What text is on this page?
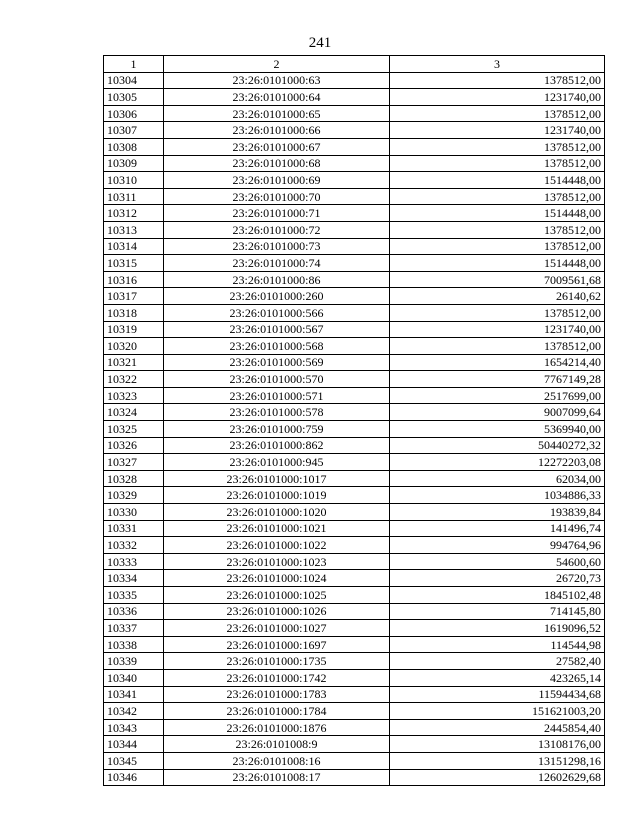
241
1	2	3
10304	23:26:0101000:63	1378512,00
10305	23:26:0101000:64	1231740,00
10306	23:26:0101000:65	1378512,00
10307	23:26:0101000:66	1231740,00
10308	23:26:0101000:67	1378512,00
10309	23:26:0101000:68	1378512,00
10310	23:26:0101000:69	1514448,00
10311	23:26:0101000:70	1378512,00
10312	23:26:0101000:71	1514448,00
10313	23:26:0101000:72	1378512,00
10314	23:26:0101000:73	1378512,00
10315	23:26:0101000:74	1514448,00
10316	23:26:0101000:86	7009561,68
10317	23:26:0101000:260	26140,62
10318	23:26:0101000:566	1378512,00
10319	23:26:0101000:567	1231740,00
10320	23:26:0101000:568	1378512,00
10321	23:26:0101000:569	1654214,40
10322	23:26:0101000:570	7767149,28
10323	23:26:0101000:571	2517699,00
10324	23:26:0101000:578	9007099,64
10325	23:26:0101000:759	5369940,00
10326	23:26:0101000:862	50440272,32
10327	23:26:0101000:945	12272203,08
10328	23:26:0101000:1017	62034,00
10329	23:26:0101000:1019	1034886,33
10330	23:26:0101000:1020	193839,84
10331	23:26:0101000:1021	141496,74
10332	23:26:0101000:1022	994764,96
10333	23:26:0101000:1023	54600,60
10334	23:26:0101000:1024	26720,73
10335	23:26:0101000:1025	1845102,48
10336	23:26:0101000:1026	714145,80
10337	23:26:0101000:1027	1619096,52
10338	23:26:0101000:1697	114544,98
10339	23:26:0101000:1735	27582,40
10340	23:26:0101000:1742	423265,14
10341	23:26:0101000:1783	11594434,68
10342	23:26:0101000:1784	151621003,20
10343	23:26:0101000:1876	2445854,40
10344	23:26:0101008:9	13108176,00
10345	23:26:0101008:16	13151298,16
10346	23:26:0101008:17	12602629,68
